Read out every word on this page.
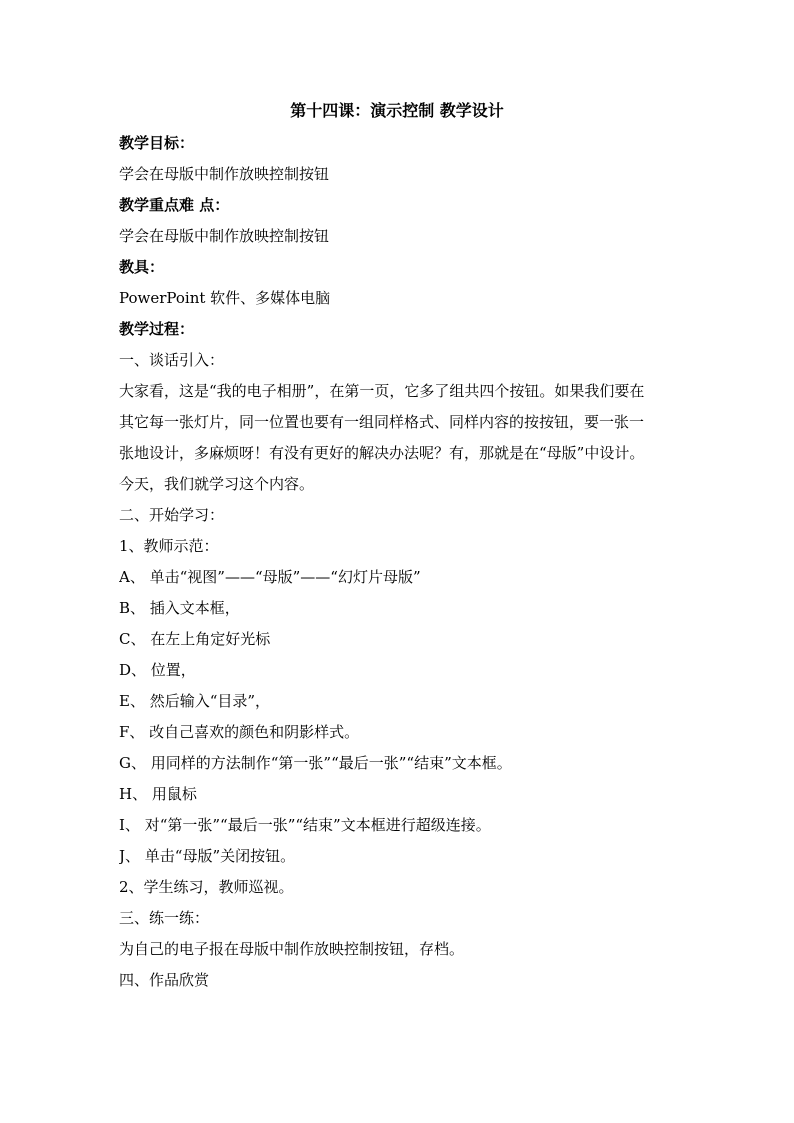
第十四课：演示控制 教学设计
教学目标：
学会在母版中制作放映控制按钮
教学重点难 点：
学会在母版中制作放映控制按钮
教具：
PowerPoint 软件、多媒体电脑
教学过程：
一、谈话引入：
大家看，这是“我的电子相册”，在第一页，它多了组共四个按钮。如果我们要在
其它每一张灯片，同一位置也要有一组同样格式、同样内容的按按钮，要一张一
张地设计，多麻烦呀！有没有更好的解决办法呢？有，那就是在“母版”中设计。
今天，我们就学习这个内容。
二、开始学习：
1、教师示范：
A、 单击“视图”——“母版”——“幻灯片母版”
B、 插入文本框，
C、 在左上角定好光标
D、 位置，
E、 然后输入“目录”，
F、 改自己喜欢的颜色和阴影样式。
G、 用同样的方法制作“第一张”“最后一张”“结束”文本框。
H、 用鼠标
I、 对“第一张”“最后一张”“结束”文本框进行超级连接。
J、 单击“母版”关闭按钮。
2、学生练习，教师巡视。
三、练一练：
为自己的电子报在母版中制作放映控制按钮，存档。
四、作品欣赏
